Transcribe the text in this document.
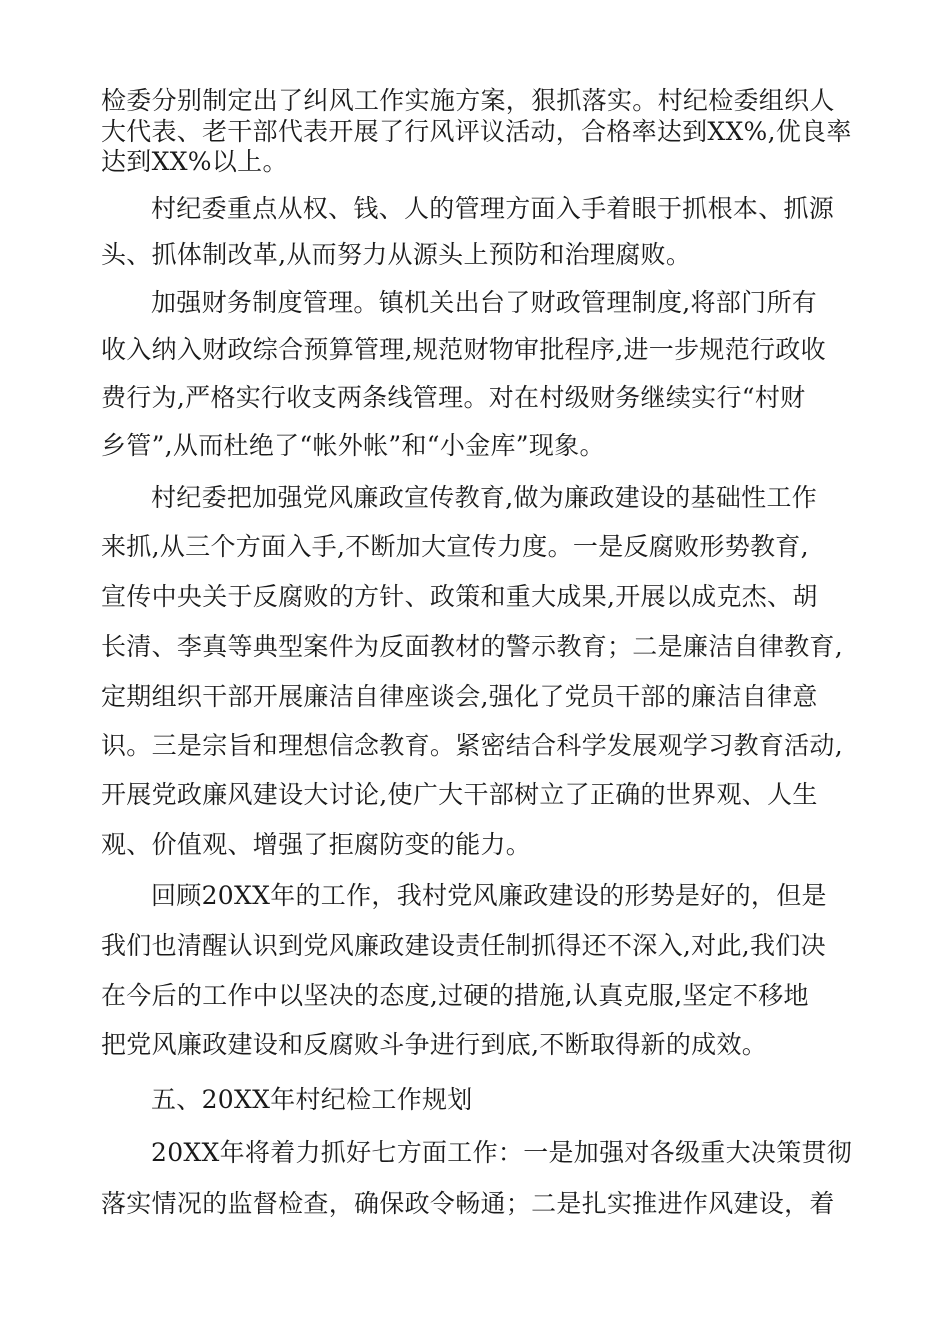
检委分别制定出了纠风工作实施方案，狠抓落实。村纪检委组织人
大代表、老干部代表开展了行风评议活动，合格率达到XX%,优良率
达到XX%以上。
村纪委重点从权、钱、人的管理方面入手着眼于抓根本、抓源
头、抓体制改革,从而努力从源头上预防和治理腐败。
加强财务制度管理。镇机关出台了财政管理制度,将部门所有
收入纳入财政综合预算管理,规范财物审批程序,进一步规范行政收
费行为,严格实行收支两条线管理。对在村级财务继续实行“村财
乡管”,从而杜绝了“帐外帐”和“小金库”现象。
村纪委把加强党风廉政宣传教育,做为廉政建设的基础性工作
来抓,从三个方面入手,不断加大宣传力度。一是反腐败形势教育,
宣传中央关于反腐败的方针、政策和重大成果,开展以成克杰、胡
长清、李真等典型案件为反面教材的警示教育；二是廉洁自律教育,
定期组织干部开展廉洁自律座谈会,强化了党员干部的廉洁自律意
识。三是宗旨和理想信念教育。紧密结合科学发展观学习教育活动,
开展党政廉风建设大讨论,使广大干部树立了正确的世界观、人生
观、价值观、增强了拒腐防变的能力。
回顾20XX年的工作，我村党风廉政建设的形势是好的，但是
我们也清醒认识到党风廉政建设责任制抓得还不深入,对此,我们决
在今后的工作中以坚决的态度,过硬的措施,认真克服,坚定不移地
把党风廉政建设和反腐败斗争进行到底,不断取得新的成效。
五、20XX年村纪检工作规划
20XX年将着力抓好七方面工作：一是加强对各级重大决策贯彻
落实情况的监督检查，确保政令畅通；二是扎实推进作风建设，着
